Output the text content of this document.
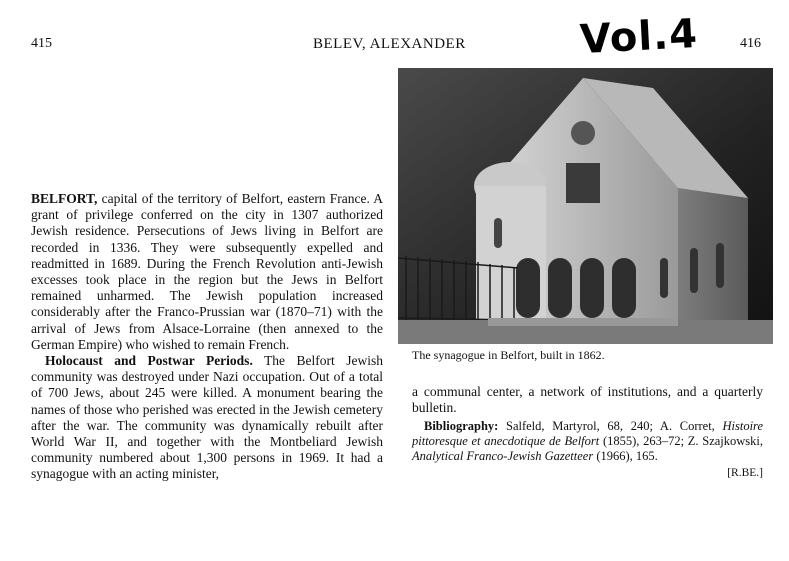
415	BELEV, ALEXANDER	Vol.4	416
The synagogue in Belfort, built in 1862.

BELFORT, capital of the territory of Belfort, eastern France. A grant of privilege conferred on the city in 1307 authorized Jewish residence. Persecutions of Jews living in Belfort are recorded in 1336. They were subsequently expelled and readmitted in 1689. During the French Revolution anti-Jewish excesses took place in the region but the Jews in Belfort remained unharmed. The Jewish population increased considerably after the Franco-Prussian war (1870–71) with the arrival of Jews from Alsace-Lorraine (then annexed to the German Empire) who wished to remain French.

Holocaust and Postwar Periods. The Belfort Jewish community was destroyed under Nazi occupation. Out of a total of 700 Jews, about 245 were killed. A monument bearing the names of those who perished was erected in the Jewish cemetery after the war. The community was dynamically rebuilt after World War II, and together with the Montbeliard Jewish community numbered about 1,300 persons in 1969. It had a synagogue with an acting minister,

a communal center, a network of institutions, and a quarterly bulletin.

Bibliography: Salfeld, Martyrol, 68, 240; A. Corret, Histoire pittoresque et anecdotique de Belfort (1855), 263–72; Z. Szajkowski, Analytical Franco-Jewish Gazetteer (1966), 165.

[R.BE.]
